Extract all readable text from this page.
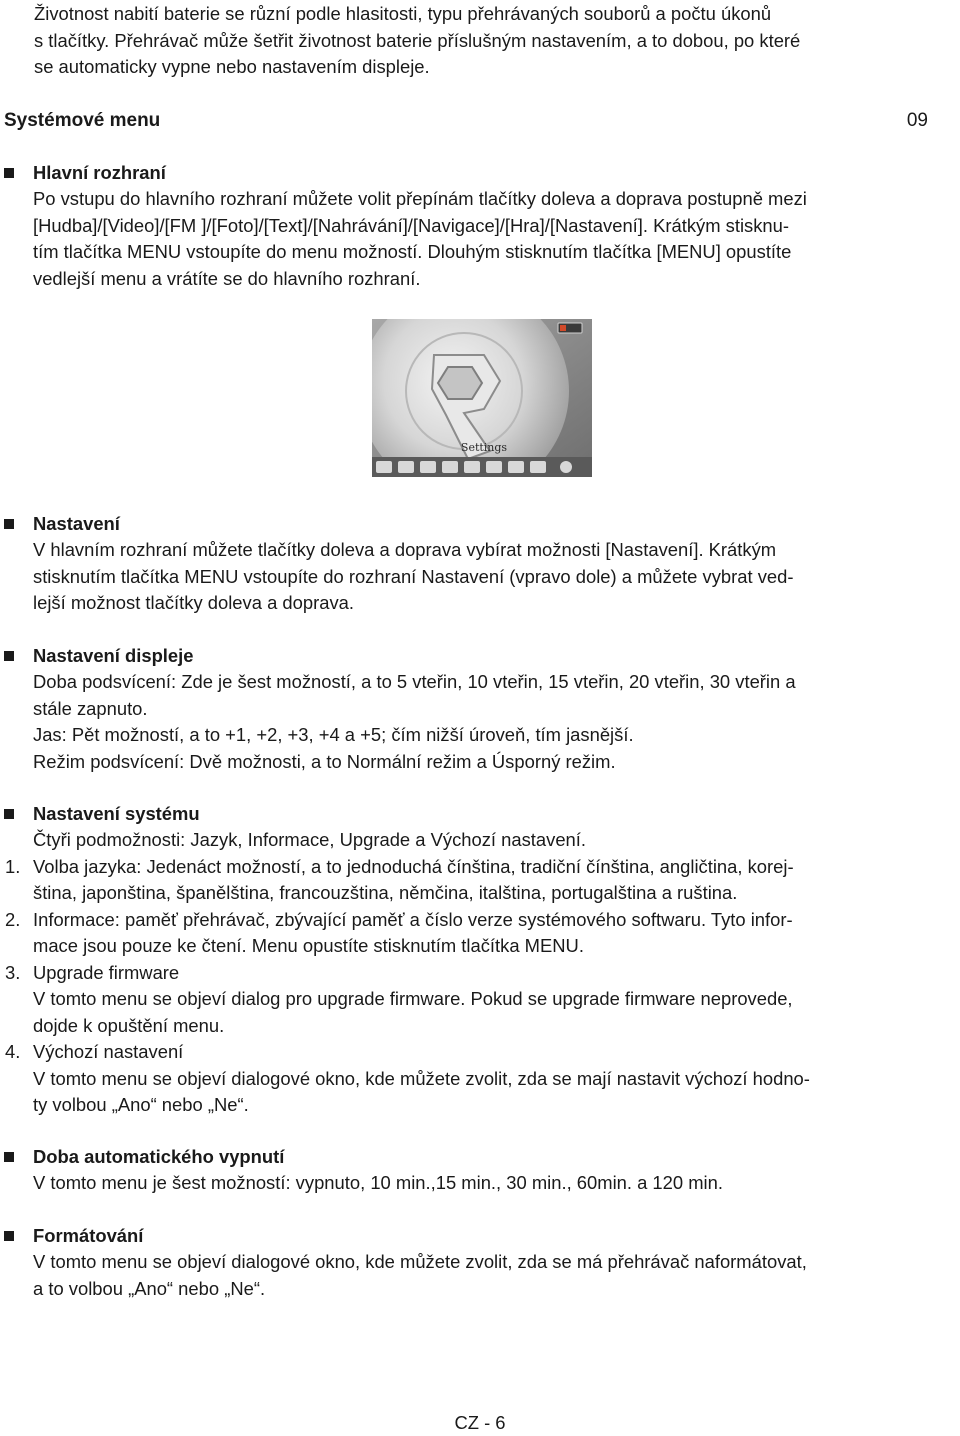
Životnost nabití baterie se různí podle hlasitosti, typu přehrávaných souborů a počtu úkonů

s tlačítky. Přehrávač může šetřit životnost baterie příslušným nastavením, a to dobou, po které

se automaticky vypne nebo nastavením displeje.

Systémové menu	09
Hlavní rozhraní

Po vstupu do hlavního rozhraní můžete volit přepínám tlačítky doleva a doprava postupně mezi

[Hudba]/[Video]/[FM ]/[Foto]/[Text]/[Nahrávání]/[Navigace]/[Hra]/[Nastavení]. Krátkým stisknu-

tím tlačítka MENU vstoupíte do menu možností. Dlouhým stisknutím tlačítka [MENU] opustíte

vedlejší menu a vrátíte se do hlavního rozhraní.

Settings
Nastavení

V hlavním rozhraní můžete tlačítky doleva a doprava vybírat možnosti [Nastavení]. Krátkým

stisknutím tlačítka MENU vstoupíte do rozhraní Nastavení (vpravo dole) a můžete vybrat ved-

lejší možnost tlačítky doleva a doprava.

Nastavení displeje

Doba podsvícení: Zde je šest možností, a to 5 vteřin, 10 vteřin, 15 vteřin, 20 vteřin, 30 vteřin a

stále zapnuto.

Jas: Pět možností, a to +1, +2, +3, +4 a +5; čím nižší úroveň, tím jasnější.

Režim podsvícení: Dvě možnosti, a to Normální režim a Úsporný režim.

Nastavení systému

Čtyři podmožnosti: Jazyk, Informace, Upgrade a Výchozí nastavení.

1. Volba jazyka: Jedenáct možností, a to jednoduchá čínština, tradiční čínština, angličtina, korej-

ština, japonština, španělština, francouzština, němčina, italština, portugalština a ruština.

2. Informace: paměť přehrávač, zbývající paměť a číslo verze systémového softwaru. Tyto infor-

mace jsou pouze ke čtení. Menu opustíte stisknutím tlačítka MENU.

3. Upgrade firmware

V tomto menu se objeví dialog pro upgrade firmware. Pokud se upgrade firmware neprovede,

dojde k opuštění menu.

4. Výchozí nastavení

V tomto menu se objeví dialogové okno, kde můžete zvolit, zda se mají nastavit výchozí hodno-

ty volbou „Ano“ nebo „Ne“.

Doba automatického vypnutí

V tomto menu je šest možností: vypnuto, 10 min.,15 min., 30 min., 60min. a 120 min.

Formátování

V tomto menu se objeví dialogové okno, kde můžete zvolit, zda se má přehrávač naformátovat,

a to volbou „Ano“ nebo „Ne“.

CZ - 6
